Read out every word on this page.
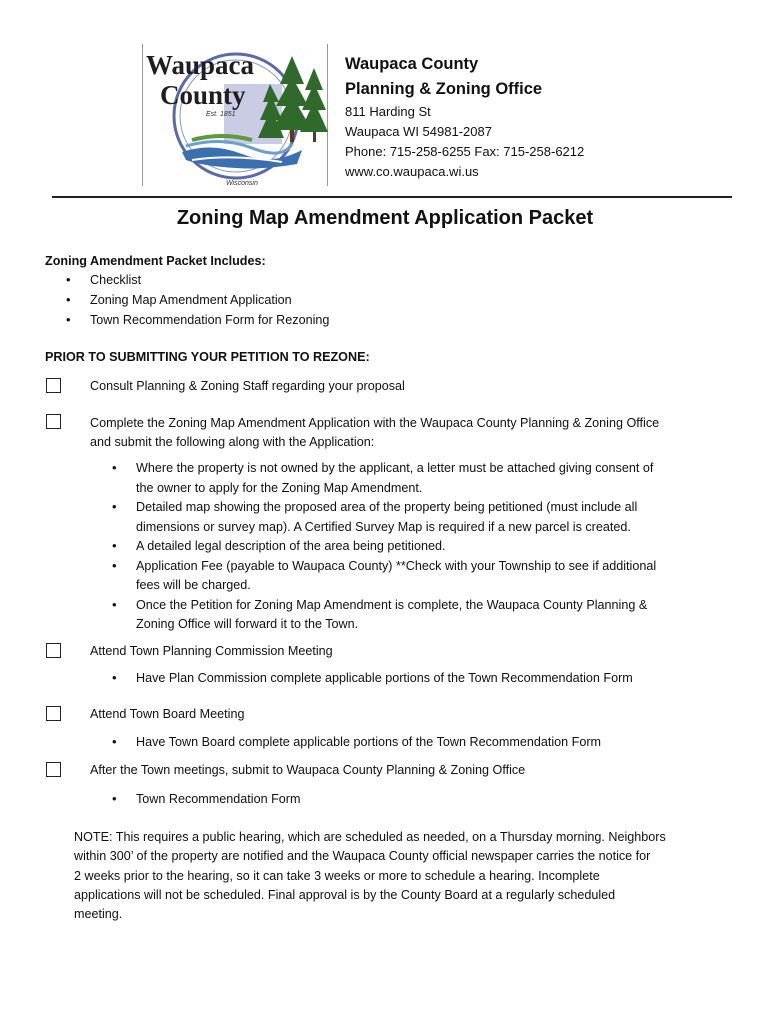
Waupaca
County
Est. 1851
Wisconsin
Waupaca County
Planning & Zoning Office
811 Harding St
Waupaca WI 54981-2087
Phone: 715-258-6255 Fax: 715-258-6212
www.co.waupaca.wi.us
Zoning Map Amendment Application Packet
Zoning Amendment Packet Includes:
• Checklist
• Zoning Map Amendment Application
• Town Recommendation Form for Rezoning
PRIOR TO SUBMITTING YOUR PETITION TO REZONE:
Consult Planning & Zoning Staff regarding your proposal
Complete the Zoning Map Amendment Application with the Waupaca County Planning & Zoning Office
and submit the following along with the Application:
• Where the property is not owned by the applicant, a letter must be attached giving consent of
the owner to apply for the Zoning Map Amendment.
• Detailed map showing the proposed area of the property being petitioned (must include all
dimensions or survey map). A Certified Survey Map is required if a new parcel is created.
• A detailed legal description of the area being petitioned.
• Application Fee (payable to Waupaca County) **Check with your Township to see if additional
fees will be charged.
• Once the Petition for Zoning Map Amendment is complete, the Waupaca County Planning &
Zoning Office will forward it to the Town.
Attend Town Planning Commission Meeting
• Have Plan Commission complete applicable portions of the Town Recommendation Form
Attend Town Board Meeting
• Have Town Board complete applicable portions of the Town Recommendation Form
After the Town meetings, submit to Waupaca County Planning & Zoning Office
• Town Recommendation Form
NOTE: This requires a public hearing, which are scheduled as needed, on a Thursday morning. Neighbors
within 300’ of the property are notified and the Waupaca County official newspaper carries the notice for
2 weeks prior to the hearing, so it can take 3 weeks or more to schedule a hearing. Incomplete
applications will not be scheduled. Final approval is by the County Board at a regularly scheduled
meeting.
